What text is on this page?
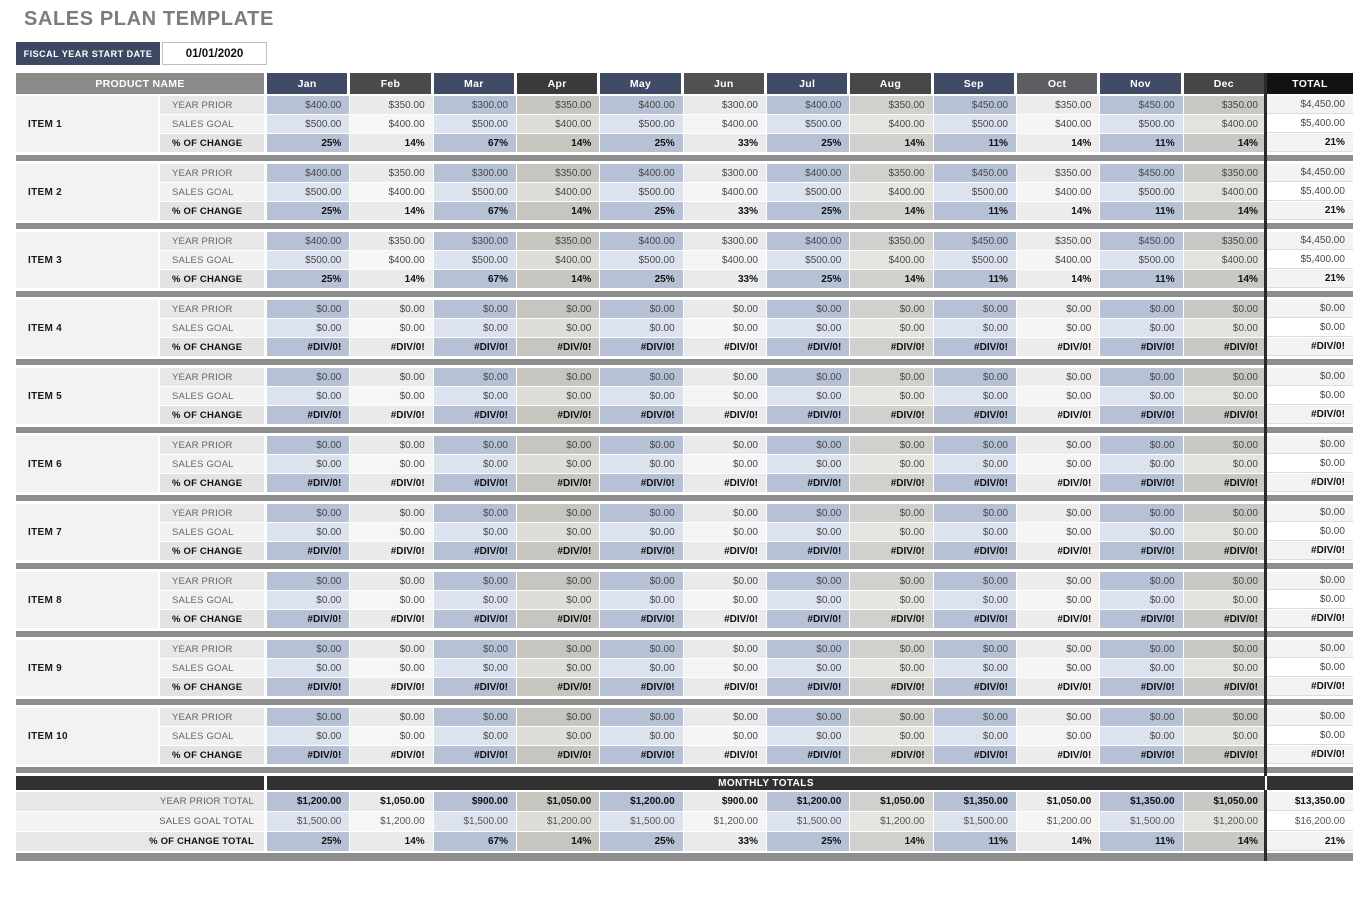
SALES PLAN TEMPLATE
FISCAL YEAR START DATE	01/01/2020
PRODUCT NAME	Jan	Feb	Mar	Apr	May	Jun	Jul	Aug	Sep	Oct	Nov	Dec	TOTAL
ITEM 1
YEAR PRIOR	$400.00	$350.00	$300.00	$350.00	$400.00	$300.00	$400.00	$350.00	$450.00	$350.00	$450.00	$350.00	$4,450.00
SALES GOAL	$500.00	$400.00	$500.00	$400.00	$500.00	$400.00	$500.00	$400.00	$500.00	$400.00	$500.00	$400.00	$5,400.00
% OF CHANGE	25%	14%	67%	14%	25%	33%	25%	14%	11%	14%	11%	14%	21%
ITEM 2
YEAR PRIOR	$400.00	$350.00	$300.00	$350.00	$400.00	$300.00	$400.00	$350.00	$450.00	$350.00	$450.00	$350.00	$4,450.00
SALES GOAL	$500.00	$400.00	$500.00	$400.00	$500.00	$400.00	$500.00	$400.00	$500.00	$400.00	$500.00	$400.00	$5,400.00
% OF CHANGE	25%	14%	67%	14%	25%	33%	25%	14%	11%	14%	11%	14%	21%
ITEM 3
YEAR PRIOR	$400.00	$350.00	$300.00	$350.00	$400.00	$300.00	$400.00	$350.00	$450.00	$350.00	$450.00	$350.00	$4,450.00
SALES GOAL	$500.00	$400.00	$500.00	$400.00	$500.00	$400.00	$500.00	$400.00	$500.00	$400.00	$500.00	$400.00	$5,400.00
% OF CHANGE	25%	14%	67%	14%	25%	33%	25%	14%	11%	14%	11%	14%	21%
ITEM 4
YEAR PRIOR	$0.00	$0.00	$0.00	$0.00	$0.00	$0.00	$0.00	$0.00	$0.00	$0.00	$0.00	$0.00	$0.00
SALES GOAL	$0.00	$0.00	$0.00	$0.00	$0.00	$0.00	$0.00	$0.00	$0.00	$0.00	$0.00	$0.00	$0.00
% OF CHANGE	#DIV/0!	#DIV/0!	#DIV/0!	#DIV/0!	#DIV/0!	#DIV/0!	#DIV/0!	#DIV/0!	#DIV/0!	#DIV/0!	#DIV/0!	#DIV/0!	#DIV/0!
ITEM 5
YEAR PRIOR	$0.00	$0.00	$0.00	$0.00	$0.00	$0.00	$0.00	$0.00	$0.00	$0.00	$0.00	$0.00	$0.00
SALES GOAL	$0.00	$0.00	$0.00	$0.00	$0.00	$0.00	$0.00	$0.00	$0.00	$0.00	$0.00	$0.00	$0.00
% OF CHANGE	#DIV/0!	#DIV/0!	#DIV/0!	#DIV/0!	#DIV/0!	#DIV/0!	#DIV/0!	#DIV/0!	#DIV/0!	#DIV/0!	#DIV/0!	#DIV/0!	#DIV/0!
ITEM 6
YEAR PRIOR	$0.00	$0.00	$0.00	$0.00	$0.00	$0.00	$0.00	$0.00	$0.00	$0.00	$0.00	$0.00	$0.00
SALES GOAL	$0.00	$0.00	$0.00	$0.00	$0.00	$0.00	$0.00	$0.00	$0.00	$0.00	$0.00	$0.00	$0.00
% OF CHANGE	#DIV/0!	#DIV/0!	#DIV/0!	#DIV/0!	#DIV/0!	#DIV/0!	#DIV/0!	#DIV/0!	#DIV/0!	#DIV/0!	#DIV/0!	#DIV/0!	#DIV/0!
ITEM 7
YEAR PRIOR	$0.00	$0.00	$0.00	$0.00	$0.00	$0.00	$0.00	$0.00	$0.00	$0.00	$0.00	$0.00	$0.00
SALES GOAL	$0.00	$0.00	$0.00	$0.00	$0.00	$0.00	$0.00	$0.00	$0.00	$0.00	$0.00	$0.00	$0.00
% OF CHANGE	#DIV/0!	#DIV/0!	#DIV/0!	#DIV/0!	#DIV/0!	#DIV/0!	#DIV/0!	#DIV/0!	#DIV/0!	#DIV/0!	#DIV/0!	#DIV/0!	#DIV/0!
ITEM 8
YEAR PRIOR	$0.00	$0.00	$0.00	$0.00	$0.00	$0.00	$0.00	$0.00	$0.00	$0.00	$0.00	$0.00	$0.00
SALES GOAL	$0.00	$0.00	$0.00	$0.00	$0.00	$0.00	$0.00	$0.00	$0.00	$0.00	$0.00	$0.00	$0.00
% OF CHANGE	#DIV/0!	#DIV/0!	#DIV/0!	#DIV/0!	#DIV/0!	#DIV/0!	#DIV/0!	#DIV/0!	#DIV/0!	#DIV/0!	#DIV/0!	#DIV/0!	#DIV/0!
ITEM 9
YEAR PRIOR	$0.00	$0.00	$0.00	$0.00	$0.00	$0.00	$0.00	$0.00	$0.00	$0.00	$0.00	$0.00	$0.00
SALES GOAL	$0.00	$0.00	$0.00	$0.00	$0.00	$0.00	$0.00	$0.00	$0.00	$0.00	$0.00	$0.00	$0.00
% OF CHANGE	#DIV/0!	#DIV/0!	#DIV/0!	#DIV/0!	#DIV/0!	#DIV/0!	#DIV/0!	#DIV/0!	#DIV/0!	#DIV/0!	#DIV/0!	#DIV/0!	#DIV/0!
ITEM 10
YEAR PRIOR	$0.00	$0.00	$0.00	$0.00	$0.00	$0.00	$0.00	$0.00	$0.00	$0.00	$0.00	$0.00	$0.00
SALES GOAL	$0.00	$0.00	$0.00	$0.00	$0.00	$0.00	$0.00	$0.00	$0.00	$0.00	$0.00	$0.00	$0.00
% OF CHANGE	#DIV/0!	#DIV/0!	#DIV/0!	#DIV/0!	#DIV/0!	#DIV/0!	#DIV/0!	#DIV/0!	#DIV/0!	#DIV/0!	#DIV/0!	#DIV/0!	#DIV/0!
MONTHLY TOTALS
YEAR PRIOR TOTAL	$1,200.00	$1,050.00	$900.00	$1,050.00	$1,200.00	$900.00	$1,200.00	$1,050.00	$1,350.00	$1,050.00	$1,350.00	$1,050.00	$13,350.00
SALES GOAL TOTAL	$1,500.00	$1,200.00	$1,500.00	$1,200.00	$1,500.00	$1,200.00	$1,500.00	$1,200.00	$1,500.00	$1,200.00	$1,500.00	$1,200.00	$16,200.00
% OF CHANGE TOTAL	25%	14%	67%	14%	25%	33%	25%	14%	11%	14%	11%	14%	21%
